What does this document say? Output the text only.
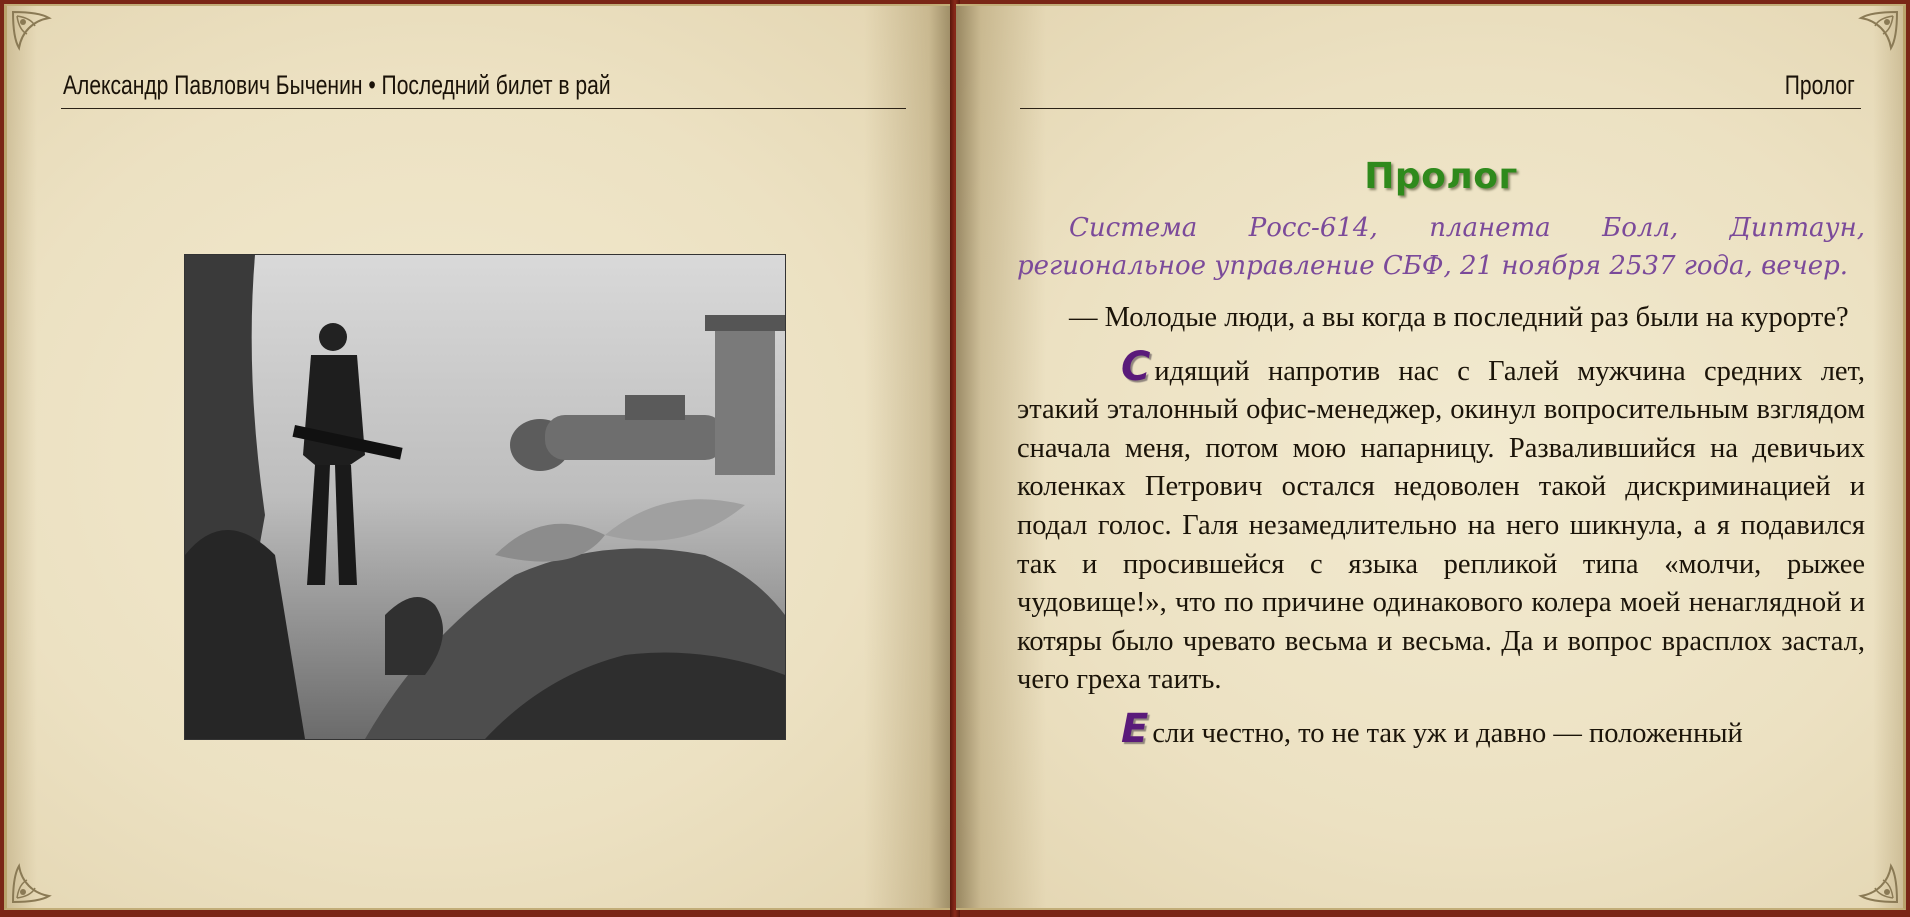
Александр Павлович Быченин • Последний билет в рай	Пролог
Пролог

Система Росс-614, планета Болл, Диптаун, региональное управление СБФ, 21 ноября 2537 года, вечер.

— Молодые люди, а вы когда в последний раз были на курорте?

С идящий напротив нас с Галей мужчина средних лет, этакий эталонный офис-менеджер, окинул вопросительным взглядом сначала меня, потом мою напарницу. Развалившийся на девичьих коленках Петрович остался недоволен такой дискриминацией и подал голос. Галя незамедлительно на него шикнула, а я подавился так и просившейся с языка репликой типа «молчи, рыжее чудовище!», что по причине одинакового колера моей ненаглядной и котяры было чревато весьма и весьма. Да и вопрос врасплох застал, чего греха таить.

Е сли честно, то не так уж и давно — положенный
